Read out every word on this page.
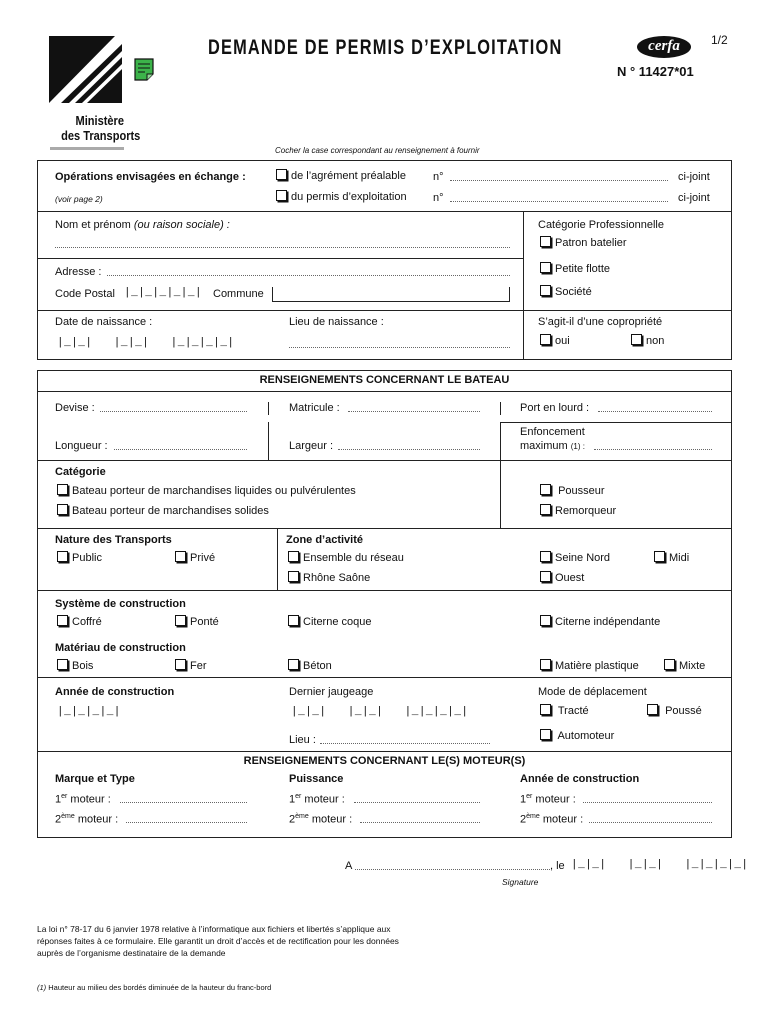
Ministère
des Transports
DEMANDE DE PERMIS D’EXPLOITATION	cerfa	1/2
N ° 11427*01
Cocher la case correspondant au renseignement à fournir
Opérations envisagées en échange :
(voir page 2)
de l’agrément préalable n°	ci-joint
du permis d’exploitation n°	ci-joint
Nom et prénom (ou raison sociale) :
Adresse :
Code Postal |_|_|_|_|_| Commune
Catégorie Professionnelle
Patron batelier
Petite flotte
Société
Date de naissance :
|_|_|   |_|_|   |_|_|_|_|
Lieu de naissance :	S’agit-il d’une copropriété
oui	non
RENSEIGNEMENTS CONCERNANT LE BATEAU
Devise :	Matricule :	Port en lourd :
Longueur :	Largeur :
Enfoncement
maximum (1) :
Catégorie
Bateau porteur de marchandises liquides ou pulvérulentes
Bateau porteur de marchandises solides
Pousseur
Remorqueur
Nature des Transports
Public	Privé
Zone d’activité
Ensemble du réseau
Rhône Saône
Seine Nord	Midi
Ouest
Système de construction
Coffré	Ponté	Citerne coque	Citerne indépendante
Matériau de construction
Bois	Fer	Béton	Matière plastique	Mixte
Année de construction
|_|_|_|_|
Dernier jaugeage
|_|_|   |_|_|   |_|_|_|_|
Lieu :
Mode de déplacement
Tracté	Poussé
Automoteur
RENSEIGNEMENTS CONCERNANT LE(S) MOTEUR(S)
Marque et Type	Puissance	Année de construction
1er moteur :	1er moteur :	1er moteur :
2ème moteur :	2ème moteur :	2ème moteur :
A	, le |_|_|   |_|_|   |_|_|_|_|
Signature
La loi n° 78-17 du 6 janvier 1978 relative à l’informatique aux fichiers et libertés s’applique aux
réponses faites à ce formulaire. Elle garantit un droit d’accès et de rectification pour les données
auprès de l’organisme destinataire de la demande
(1) Hauteur au milieu des bordés diminuée de la hauteur du franc-bord
